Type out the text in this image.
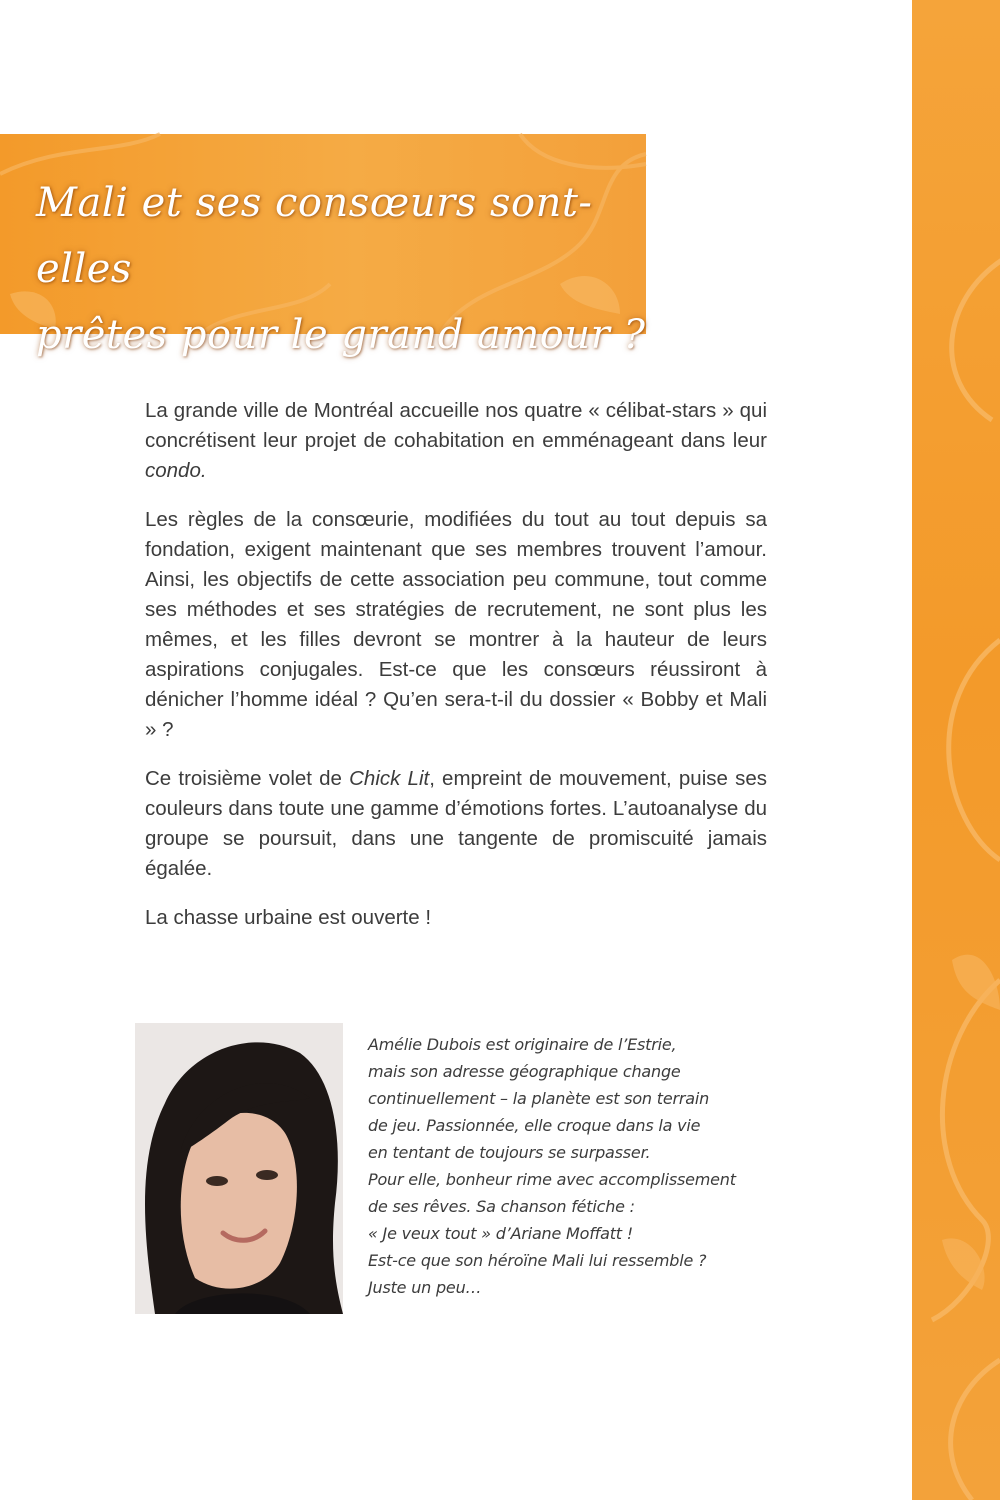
Mali et ses consœurs sont-elles
prêtes pour le grand amour ?

La grande ville de Montréal accueille nos quatre « célibat-stars » qui concrétisent leur projet de cohabitation en emménageant dans leur condo.

Les règles de la consœurie, modifiées du tout au tout depuis sa fondation, exigent maintenant que ses membres trouvent l’amour. Ainsi, les objectifs de cette association peu commune, tout comme ses méthodes et ses stratégies de recrutement, ne sont plus les mêmes, et les filles devront se montrer à la hauteur de leurs aspirations conjugales. Est-ce que les consœurs réussiront à dénicher l’homme idéal ? Qu’en sera-t-il du dossier « Bobby et Mali » ?

Ce troisième volet de Chick Lit, empreint de mouvement, puise ses couleurs dans toute une gamme d’émotions fortes. L’autoanalyse du groupe se poursuit, dans une tangente de promiscuité jamais égalée.

La chasse urbaine est ouverte !

Amélie Dubois est originaire de l’Estrie,
mais son adresse géographique change
continuellement – la planète est son terrain
de jeu. Passionnée, elle croque dans la vie
en tentant de toujours se surpasser.
Pour elle, bonheur rime avec accomplissement
de ses rêves. Sa chanson fétiche :
« Je veux tout » d’Ariane Moffatt !
Est-ce que son héroïne Mali lui ressemble ?
Juste un peu…
